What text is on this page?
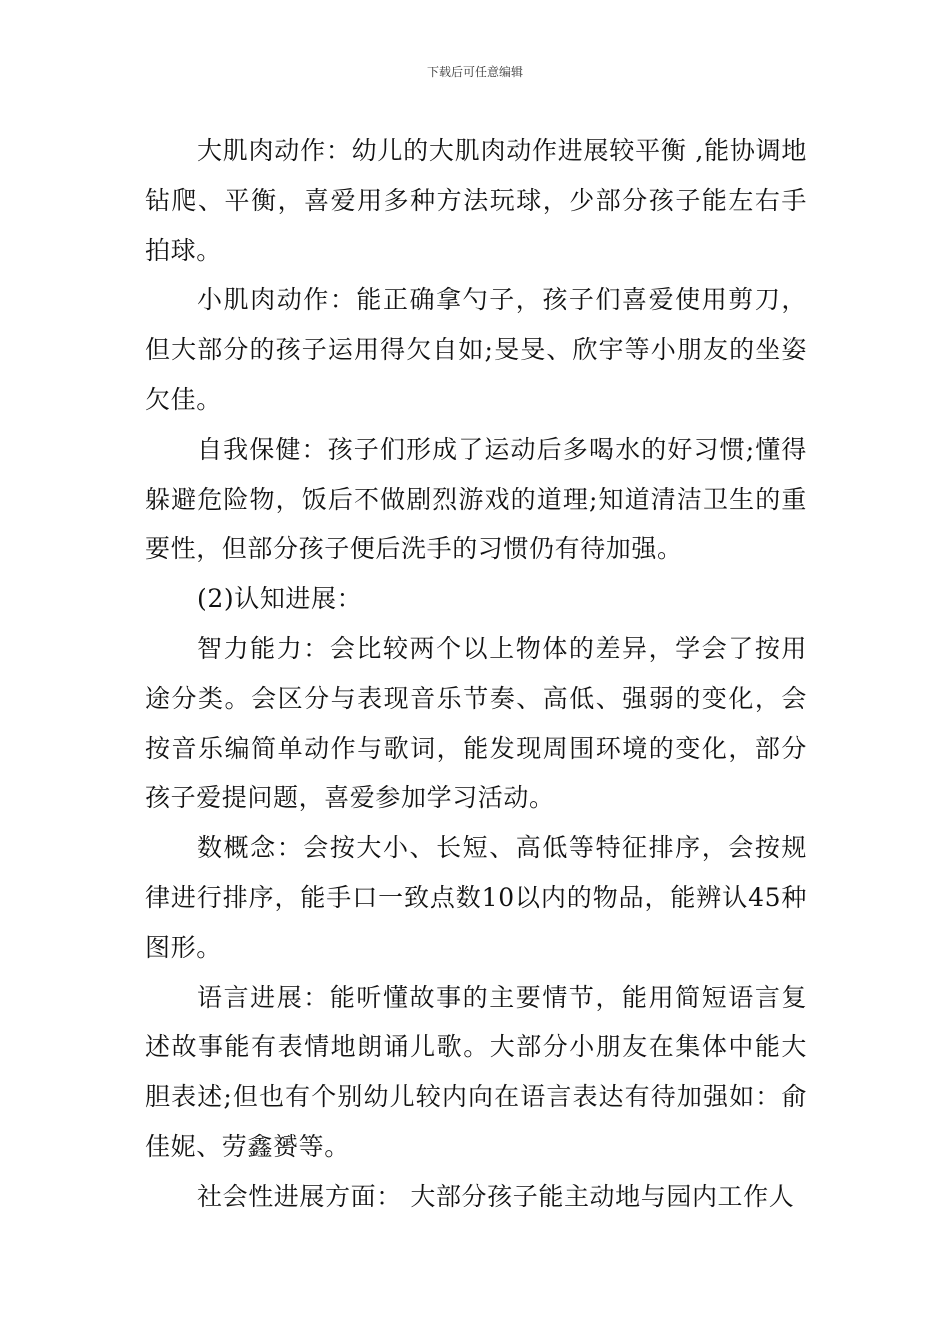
下载后可任意编辑

大肌肉动作：幼儿的大肌肉动作进展较平衡 ,能协调地钻爬、平衡，喜爱用多种方法玩球，少部分孩子能左右手拍球。

小肌肉动作：能正确拿勺子，孩子们喜爱使用剪刀，但大部分的孩子运用得欠自如;旻旻、欣宇等小朋友的坐姿欠佳。

自我保健：孩子们形成了运动后多喝水的好习惯;懂得躲避危险物，饭后不做剧烈游戏的道理;知道清洁卫生的重要性，但部分孩子便后洗手的习惯仍有待加强。

(2)认知进展：

智力能力：会比较两个以上物体的差异，学会了按用途分类。会区分与表现音乐节奏、高低、强弱的变化，会按音乐编简单动作与歌词，能发现周围环境的变化，部分孩子爱提问题，喜爱参加学习活动。

数概念：会按大小、长短、高低等特征排序，会按规律进行排序，能手口一致点数10以内的物品，能辨认45种图形。

语言进展：能听懂故事的主要情节，能用简短语言复述故事能有表情地朗诵儿歌。大部分小朋友在集体中能大胆表述;但也有个别幼儿较内向在语言表达有待加强如：俞佳妮、劳鑫赟等。

社会性进展方面： 大部分孩子能主动地与园内工作人
